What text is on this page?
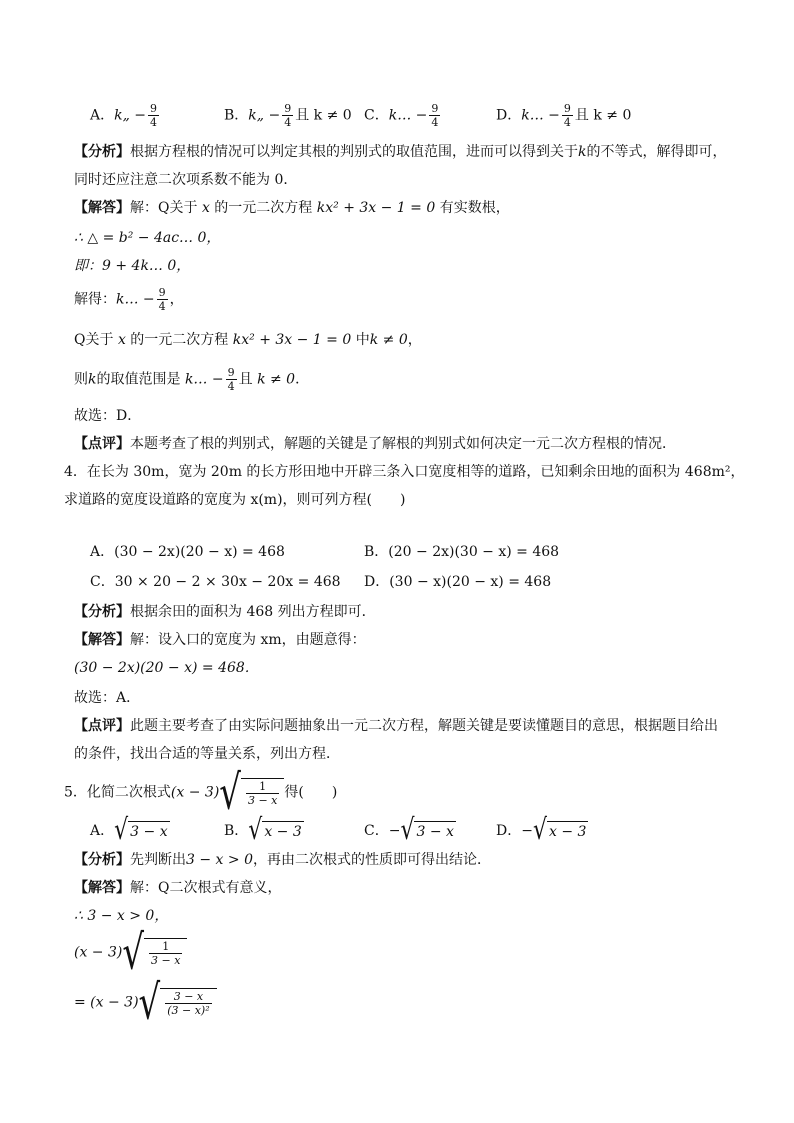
A．k„ − $\frac{9}{4}$	B．k„ − $\frac{9}{4}$ 且 k ≠ 0 C．k… − $\frac{9}{4}$	D．k… − $\frac{9}{4}$ 且 k ≠ 0
【分析】根据方程根的情况可以判定其根的判别式的取值范围，进而可以得到关于k的不等式，解得即可，
同时还应注意二次项系数不能为 0．
【解答】解：Q关于 x 的一元二次方程 kx² + 3x − 1 = 0 有实数根，
∴ △ = b² − 4ac… 0，
即：9 + 4k… 0，
解得：k… − $\frac{9}{4}$ ，
Q关于 x 的一元二次方程 kx² + 3x − 1 = 0 中k ≠ 0，
则k的取值范围是 k… − $\frac{9}{4}$ 且 k ≠ 0．
故选：D．
【点评】本题考查了根的判别式，解题的关键是了解根的判别式如何决定一元二次方程根的情况．
4．在长为 30m，宽为 20m 的长方形田地中开辟三条入口宽度相等的道路，已知剩余田地的面积为 468m²，
求道路的宽度设道路的宽度为 x(m)，则可列方程(　　)
A．(30 − 2x)(20 − x) = 468	B．(20 − 2x)(30 − x) = 468
C．30 × 20 − 2 × 30x − 20x = 468 D．(30 − x)(20 − x) = 468
【分析】根据余田的面积为 468 列出方程即可．
【解答】解：设入口的宽度为 xm，由题意得：
(30 − 2x)(20 − x) = 468．
故选：A．
【点评】此题主要考查了由实际问题抽象出一元二次方程，解题关键是要读懂题目的意思，根据题目给出
的条件，找出合适的等量关系，列出方程．
5．化简二次根式(x − 3) √ $\frac{1}{3 - x}$ 得(　　)
A． √ 3 − x	B． √ x − 3	C．− √ 3 − x	D．− √ x − 3
【分析】先判断出3 − x > 0，再由二次根式的性质即可得出结论．
【解答】解：Q二次根式有意义，
∴ 3 − x > 0，
(x − 3) √ $\frac{1}{3 - x}$
= (x − 3) √ $\frac{3 - x}{\text{(3 − x)²}}$
